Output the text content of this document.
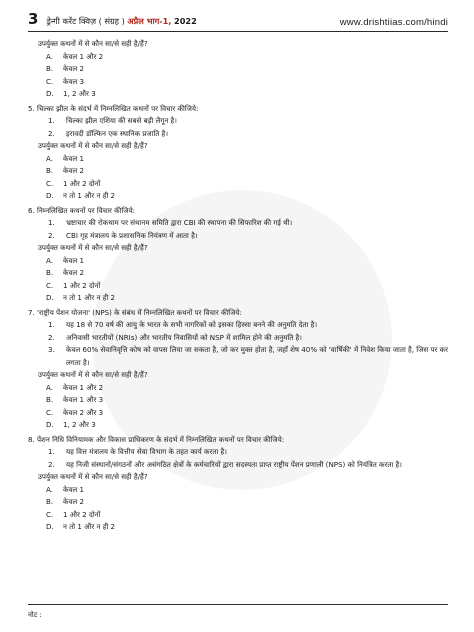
3 ड्रेन्गी करेंट क्विज़ ( संग्रह ) अप्रैल भाग-1, 2022	www.drishtiias.com/hindi
उपर्युक्त कथनों में से कौन सा/से सही है/हैं?
A.	केवल 1 और 2
B.	केवल 2
C.	केवल 3
D.	1, 2 और 3
5. चिल्का झील के संदर्भ में निम्नलिखित कथनों पर विचार कीजिये:
1.	चिल्का झील एशिया की सबसे बड़ी लैगून है।
2.	इरावदी डॉल्फिन एक स्थानिक प्रजाति है।
उपर्युक्त कथनों में से कौन सा/से सही है/हैं?
A.	केवल 1
B.	केवल 2
C.	1 और 2 दोनों
D.	न तो 1 और न ही 2
6. निम्नलिखित कथनों पर विचार कीजिये:
1.	भ्रष्टाचार की रोकथाम पर संथानम समिति द्वारा CBI की स्थापना की सिफारिश की गई थी।
2.	CBI गृह मंत्रालय के प्रशासनिक नियंत्रण में आता है।
उपर्युक्त कथनों में से कौन सा/से सही है/हैं?
A.	केवल 1
B.	केवल 2
C.	1 और 2 दोनों
D.	न तो 1 और न ही 2
7. 'राष्ट्रीय पेंशन योजना' (NPS) के संबंध में निम्नलिखित कथनों पर विचार कीजिये:
1.	यह 18 से 70 वर्ष की आयु के भारत के सभी नागरिकों को इसका हिस्सा बनने की अनुमति देता है।
2.	अनिवासी भारतीयों (NRIs) और भारतीय निवासियों को NSP में शामिल होने की अनुमति है।
3.	केवल 60% सेवानिवृत्ति कोष को वापस लिया जा सकता है, जो कर मुक्त होता है, जहाँ शेष 40% को 'वार्षिकी' में निवेश किया जाता है, जिस पर कर लगता है।
उपर्युक्त कथनों में से कौन सा/से सही है/हैं?
A.	केवल 1 और 2
B.	केवल 1 और 3
C.	केवल 2 और 3
D.	1, 2 और 3
8. पेंशन निधि विनियामक और विकास प्राधिकरण के संदर्भ में निम्नलिखित कथनों पर विचार कीजिये:
1.	यह वित्त मंत्रालय के वित्तीय सेवा विभाग के तहत कार्य करता है।
2.	यह निजी संस्थानों/संगठनों और असंगठित क्षेत्रों के कर्मचारियों द्वारा सदस्यता प्राप्त राष्ट्रीय पेंशन प्रणाली (NPS) को नियंत्रित करता है।
उपर्युक्त कथनों में से कौन सा/से सही है/हैं?
A.	केवल 1
B.	केवल 2
C.	1 और 2 दोनों
D.	न तो 1 और न ही 2
नोट :
